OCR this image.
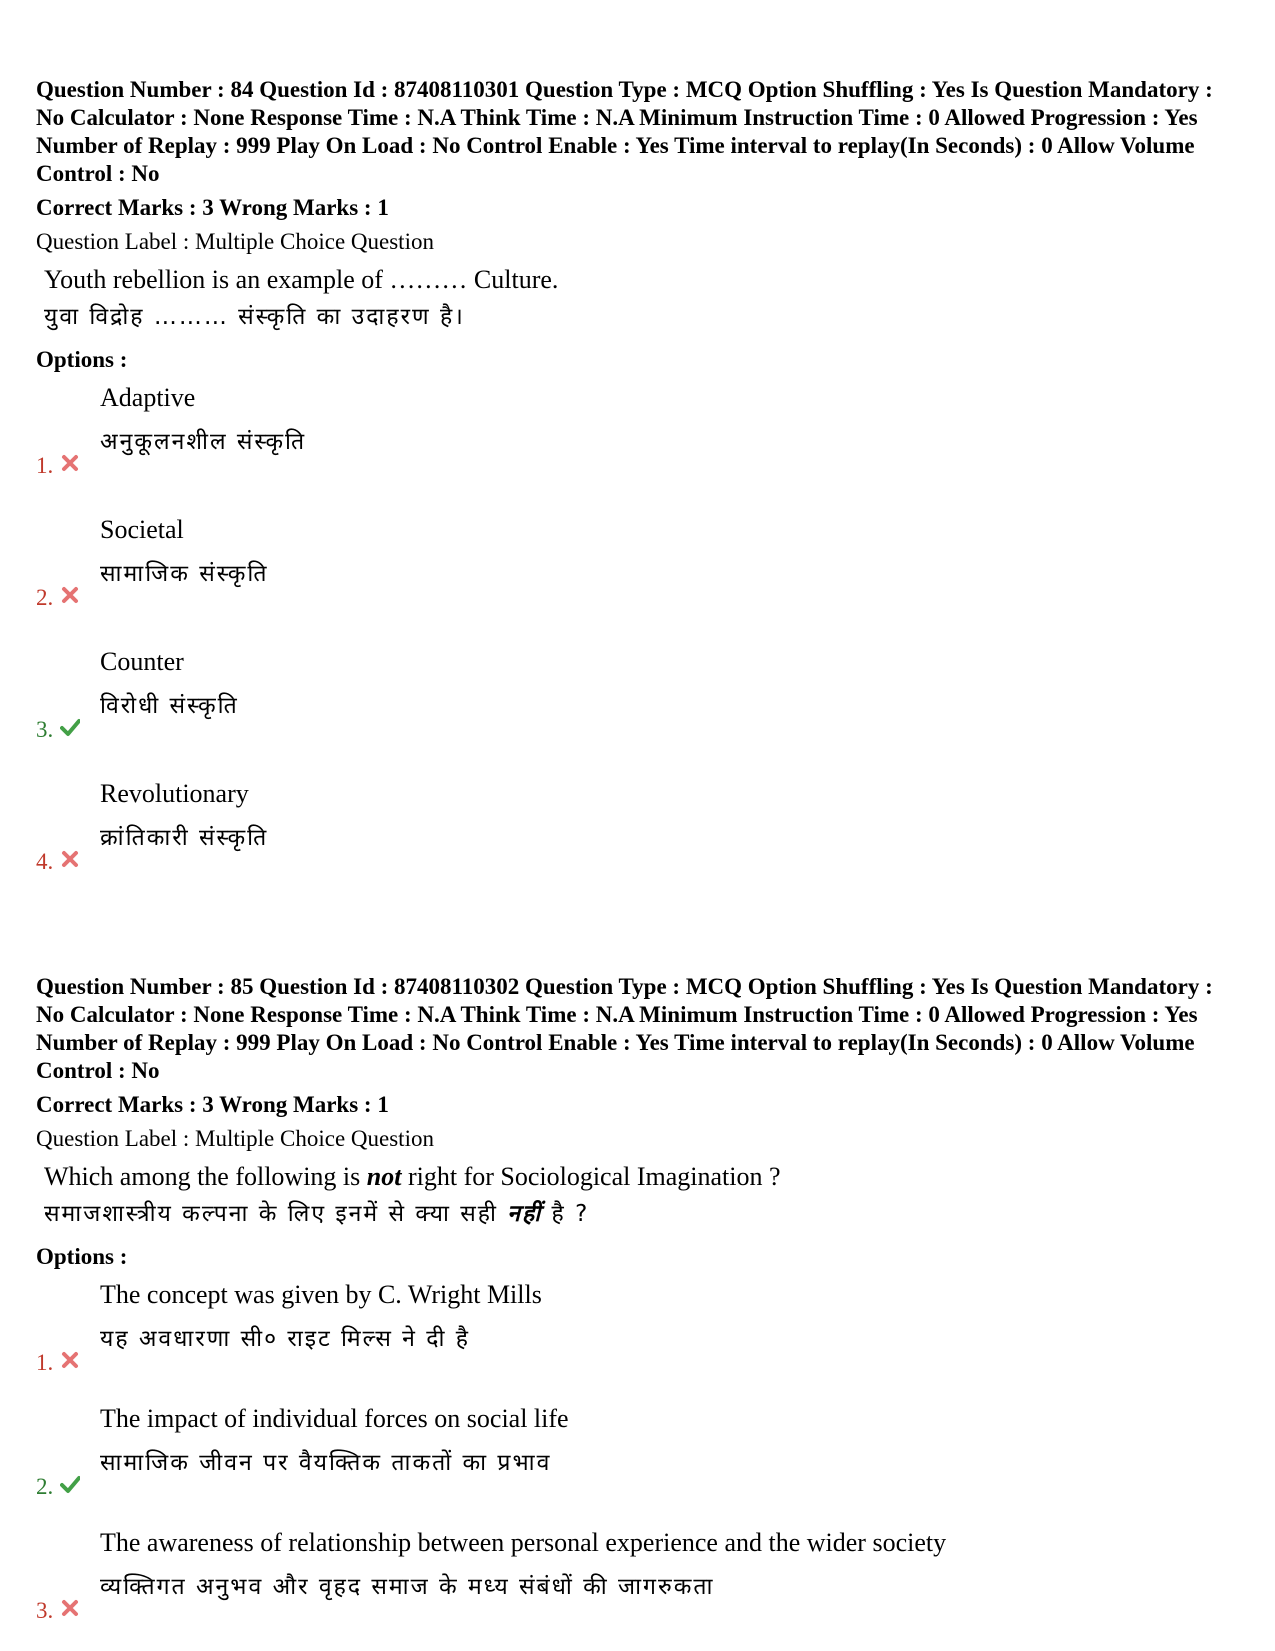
Question Number : 84 Question Id : 87408110301 Question Type : MCQ Option Shuffling : Yes Is Question Mandatory : No Calculator : None Response Time : N.A Think Time : N.A Minimum Instruction Time : 0 Allowed Progression : Yes Number of Replay : 999 Play On Load : No Control Enable : Yes Time interval to replay(In Seconds) : 0 Allow Volume Control : No

Correct Marks : 3 Wrong Marks : 1
Question Label : Multiple Choice Question
Youth rebellion is an example of ……… Culture.
युवा विद्रोह ……… संस्कृति का उदाहरण है।
Options :
Adaptive
अनुकूलनशील संस्कृति
1.
Societal
सामाजिक संस्कृति
2.
Counter
विरोधी संस्कृति
3.
Revolutionary
क्रांतिकारी संस्कृति
4.

Question Number : 85 Question Id : 87408110302 Question Type : MCQ Option Shuffling : Yes Is Question Mandatory : No Calculator : None Response Time : N.A Think Time : N.A Minimum Instruction Time : 0 Allowed Progression : Yes Number of Replay : 999 Play On Load : No Control Enable : Yes Time interval to replay(In Seconds) : 0 Allow Volume Control : No

Correct Marks : 3 Wrong Marks : 1
Question Label : Multiple Choice Question
Which among the following is not right for Sociological Imagination ?
समाजशास्त्रीय कल्पना के लिए इनमें से क्या सही नहीं है ?
Options :
The concept was given by C. Wright Mills
यह अवधारणा सी० राइट मिल्स ने दी है
1.
The impact of individual forces on social life
सामाजिक जीवन पर वैयक्तिक ताकतों का प्रभाव
2.
The awareness of relationship between personal experience and the wider society
व्यक्तिगत अनुभव और वृहद समाज के मध्य संबंधों की जागरुकता
3.
